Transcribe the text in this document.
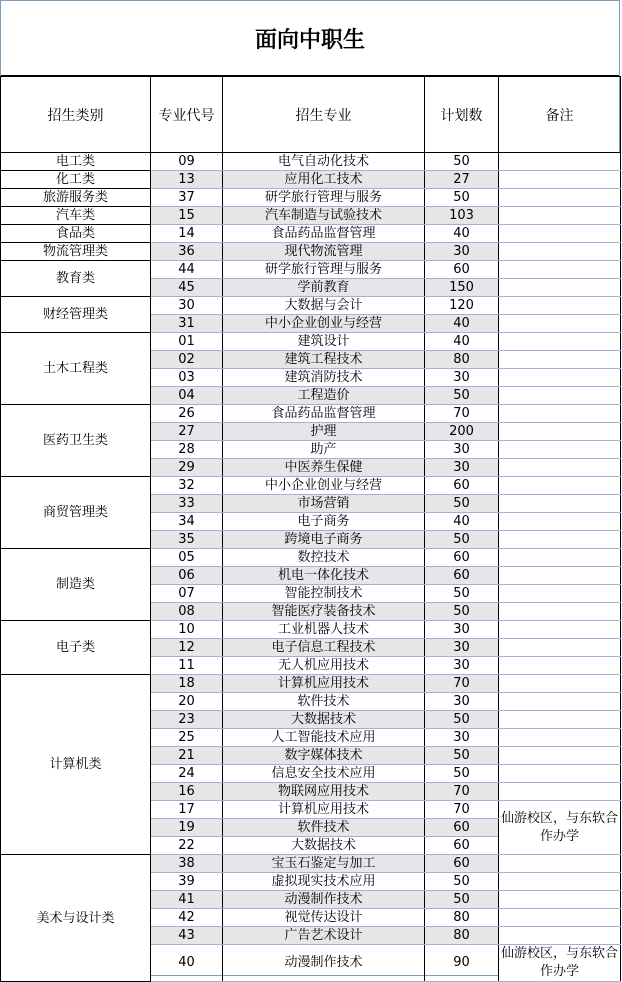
面向中职生
招生类别	专业代号	招生专业	计划数	备注
电工类	09	电气自动化技术	50	
化工类	13	应用化工技术	27	
旅游服务类	37	研学旅行管理与服务	50	
汽车类	15	汽车制造与试验技术	103	
食品类	14	食品药品监督管理	40	
物流管理类	36	现代物流管理	30	
教育类	44	研学旅行管理与服务	60	
	45	学前教育	150	
财经管理类	30	大数据与会计	120	
	31	中小企业创业与经营	40	
土木工程类	01	建筑设计	40	
	02	建筑工程技术	80	
	03	建筑消防技术	30	
	04	工程造价	50	
医药卫生类	26	食品药品监督管理	70	
	27	护理	200	
	28	助产	30	
	29	中医养生保健	30	
商贸管理类	32	中小企业创业与经营	60	
	33	市场营销	50	
	34	电子商务	40	
	35	跨境电子商务	50	
制造类	05	数控技术	60	
	06	机电一体化技术	60	
	07	智能控制技术	50	
	08	智能医疗装备技术	50	
电子类	10	工业机器人技术	30	
	12	电子信息工程技术	30	
	11	无人机应用技术	30	
计算机类	18	计算机应用技术	70	
	20	软件技术	30	
	23	大数据技术	50	
	25	人工智能技术应用	30	
	21	数字媒体技术	50	
	24	信息安全技术应用	50	
	16	物联网应用技术	70	
	17	计算机应用技术	70	仙游校区，与东软合作办学
	19	软件技术	60	
	22	大数据技术	60	
美术与设计类	38	宝玉石鉴定与加工	60	
	39	虚拟现实技术应用	50	
	41	动漫制作技术	50	
	42	视觉传达设计	80	
	43	广告艺术设计	80	
	40	动漫制作技术	90	仙游校区，与东软合作办学
